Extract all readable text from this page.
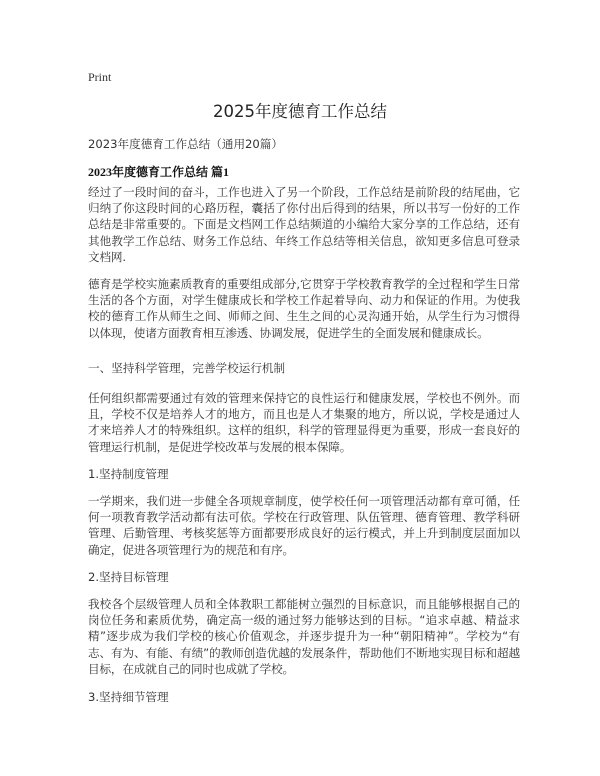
Print
2025年度德育工作总结
2023年度德育工作总结（通用20篇）
2023年度德育工作总结 篇1

经过了一段时间的奋斗，工作也进入了另一个阶段，工作总结是前阶段的结尾曲，它归纳了你这段时间的心路历程，囊括了你付出后得到的结果，所以书写一份好的工作总结是非常重要的。下面是文档网工作总结频道的小编给大家分享的工作总结，还有其他教学工作总结、财务工作总结、年终工作总结等相关信息，欲知更多信息可登录文档网.

德育是学校实施素质教育的重要组成部分,它贯穿于学校教育教学的全过程和学生日常生活的各个方面，对学生健康成长和学校工作起着导向、动力和保证的作用。为使我校的德育工作从师生之间、师师之间、生生之间的心灵沟通开始，从学生行为习惯得以体现，使诸方面教育相互渗透、协调发展，促进学生的全面发展和健康成长。

一、坚持科学管理，完善学校运行机制

任何组织都需要通过有效的管理来保持它的良性运行和健康发展，学校也不例外。而且，学校不仅是培养人才的地方，而且也是人才集聚的地方，所以说，学校是通过人才来培养人才的特殊组织。这样的组织，科学的管理显得更为重要，形成一套良好的管理运行机制，是促进学校改革与发展的根本保障。

1.坚持制度管理

一学期来，我们进一步健全各项规章制度，使学校任何一项管理活动都有章可循，任何一项教育教学活动都有法可依。学校在行政管理、队伍管理、德育管理、教学科研管理、后勤管理、考核奖惩等方面都要形成良好的运行模式，并上升到制度层面加以确定，促进各项管理行为的规范和有序。

2.坚持目标管理

我校各个层级管理人员和全体教职工都能树立强烈的目标意识，而且能够根据自己的岗位任务和素质优势，确定高一级的通过努力能够达到的目标。“追求卓越、精益求精”逐步成为我们学校的核心价值观念，并逐步提升为一种“朝阳精神”。学校为“有志、有为、有能、有绩”的教师创造优越的发展条件，帮助他们不断地实现目标和超越目标，在成就自己的同时也成就了学校。

3.坚持细节管理
